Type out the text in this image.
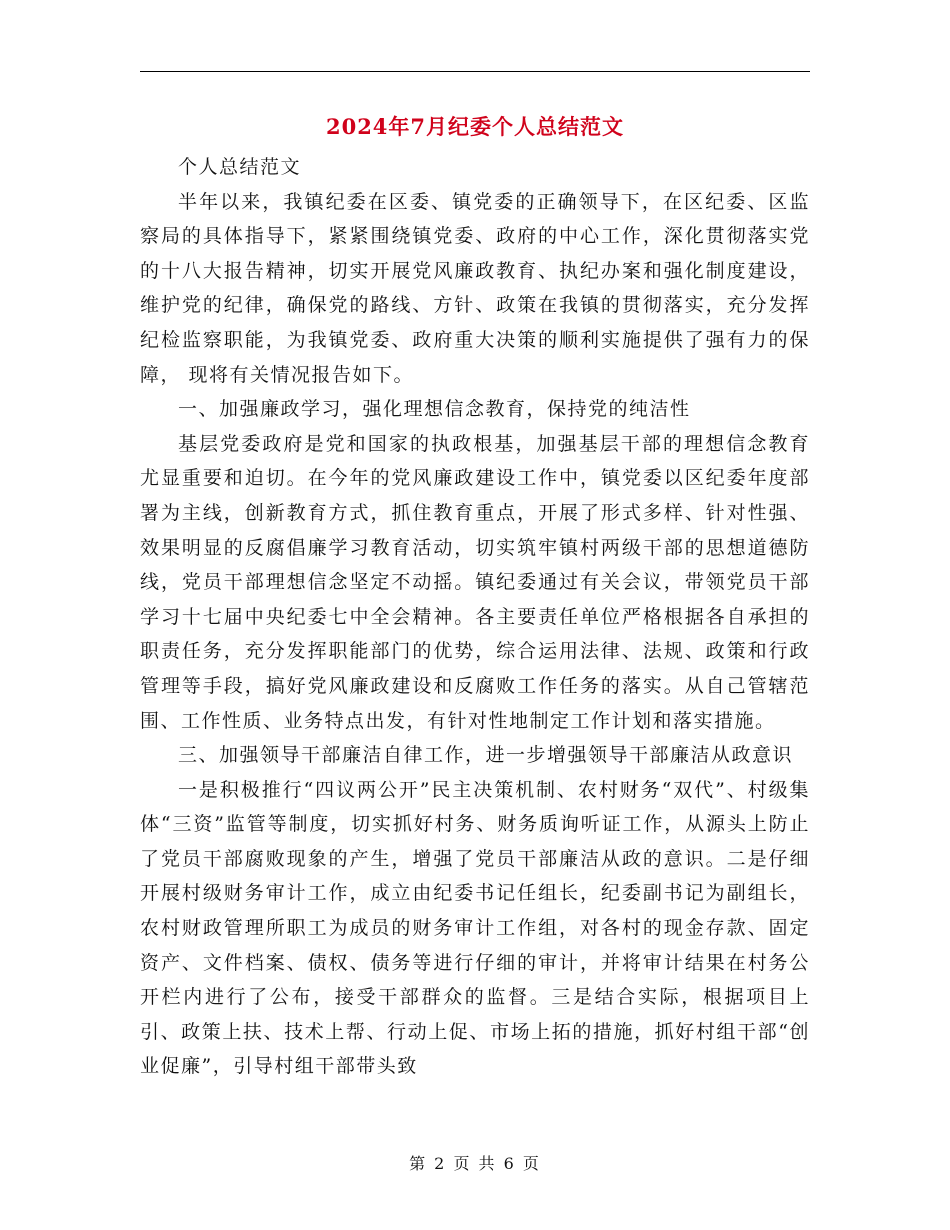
2024年7月纪委个人总结范文

个人总结范文

半年以来，我镇纪委在区委、镇党委的正确领导下，在区纪委、区监察局的具体指导下，紧紧围绕镇党委、政府的中心工作，深化贯彻落实党的十八大报告精神，切实开展党风廉政教育、执纪办案和强化制度建设，维护党的纪律，确保党的路线、方针、政策在我镇的贯彻落实，充分发挥纪检监察职能，为我镇党委、政府重大决策的顺利实施提供了强有力的保障， 现将有关情况报告如下。

一、加强廉政学习，强化理想信念教育，保持党的纯洁性

基层党委政府是党和国家的执政根基，加强基层干部的理想信念教育尤显重要和迫切。在今年的党风廉政建设工作中，镇党委以区纪委年度部署为主线，创新教育方式，抓住教育重点，开展了形式多样、针对性强、效果明显的反腐倡廉学习教育活动，切实筑牢镇村两级干部的思想道德防线，党员干部理想信念坚定不动摇。镇纪委通过有关会议，带领党员干部学习十七届中央纪委七中全会精神。各主要责任单位严格根据各自承担的职责任务，充分发挥职能部门的优势，综合运用法律、法规、政策和行政管理等手段，搞好党风廉政建设和反腐败工作任务的落实。从自己管辖范围、工作性质、业务特点出发，有针对性地制定工作计划和落实措施。

三、加强领导干部廉洁自律工作，进一步增强领导干部廉洁从政意识

一是积极推行“四议两公开”民主决策机制、农村财务“双代”、村级集体“三资”监管等制度，切实抓好村务、财务质询听证工作，从源头上防止了党员干部腐败现象的产生，增强了党员干部廉洁从政的意识。二是仔细开展村级财务审计工作，成立由纪委书记任组长，纪委副书记为副组长，农村财政管理所职工为成员的财务审计工作组，对各村的现金存款、固定资产、文件档案、债权、债务等进行仔细的审计，并将审计结果在村务公开栏内进行了公布，接受干部群众的监督。三是结合实际，根据项目上引、政策上扶、技术上帮、行动上促、市场上拓的措施，抓好村组干部“创业促廉”，引导村组干部带头致

第 2 页 共 6 页
